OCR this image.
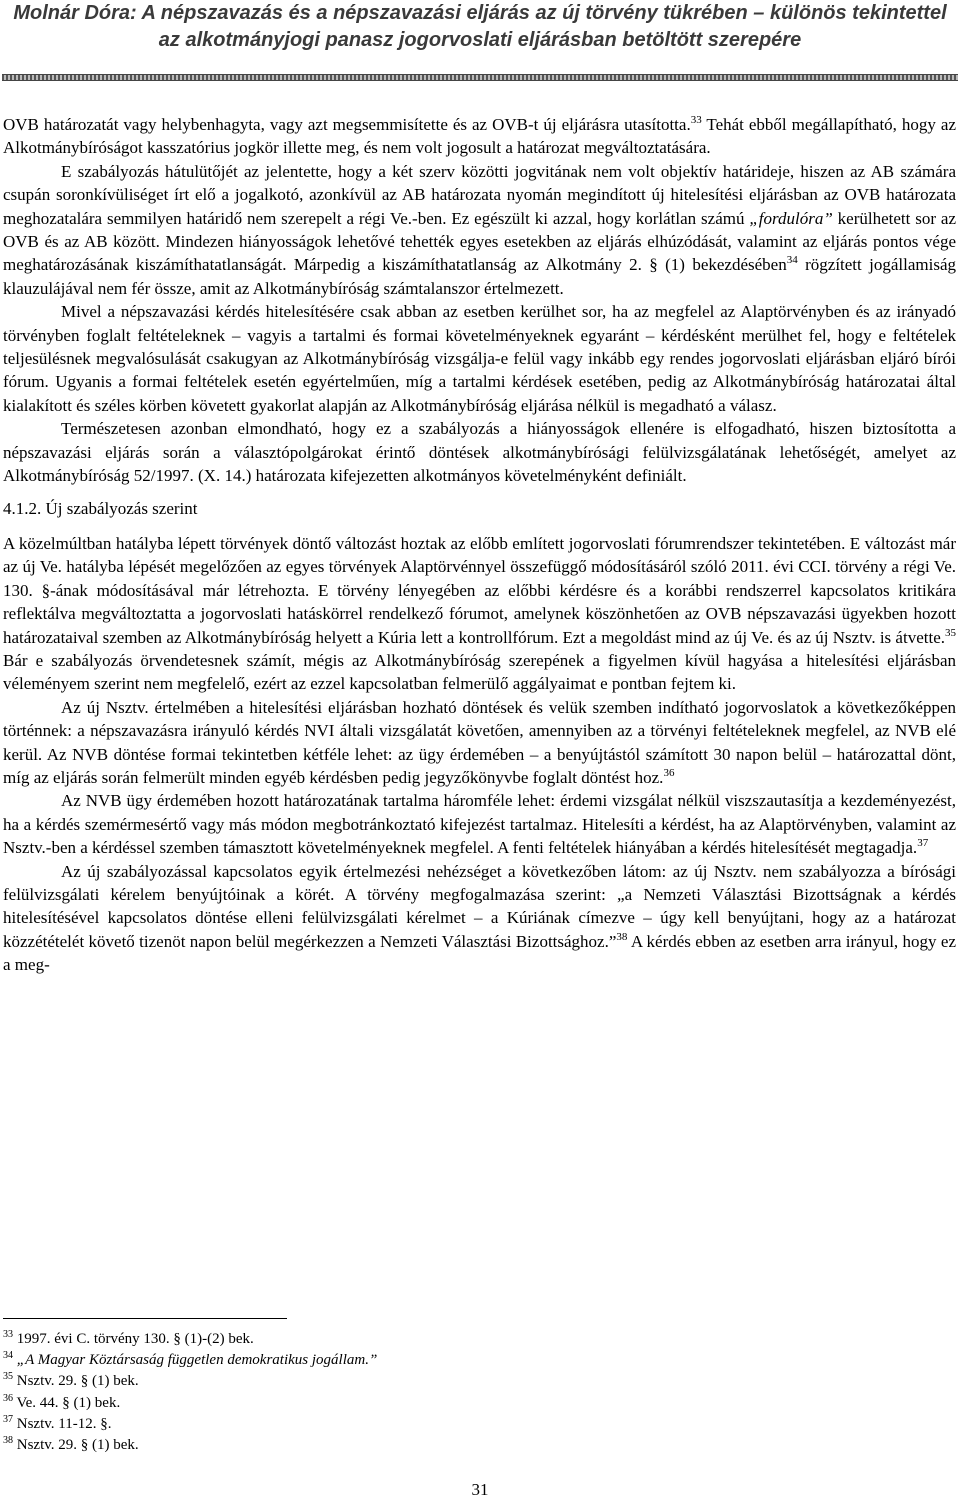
Molnár Dóra: A népszavazás és a népszavazási eljárás az új törvény tükrében – különös tekintettel
az alkotmányjogi panasz jogorvoslati eljárásban betöltött szerepére

OVB határozatát vagy helybenhagyta, vagy azt megsemmisítette és az OVB-t új eljárásra utasította.$^{33}$ Tehát ebből megállapítható, hogy az Alkotmánybíróságot kasszatórius jogkör illette meg, és nem volt jogosult a határozat megváltoztatására.

E szabályozás hátulütőjét az jelentette, hogy a két szerv közötti jogvitának nem volt objektív határideje, hiszen az AB számára csupán soronkívüliséget írt elő a jogalkotó, azonkívül az AB határozata nyomán megindított új hitelesítési eljárásban az OVB határozata meghozatalára semmilyen határidő nem szerepelt a régi Ve.-ben. Ez egészült ki azzal, hogy korlátlan számú „fordulóra” kerülhetett sor az OVB és az AB között. Mindezen hiányosságok lehetővé tehették egyes esetekben az eljárás elhúzódását, valamint az eljárás pontos vége meghatározásának kiszámíthatatlanságát. Márpedig a kiszámíthatatlanság az Alkotmány 2. § (1) bekezdésében$^{34}$ rögzített jogállamiság klauzulájával nem fér össze, amit az Alkotmánybíróság számtalanszor értelmezett.

Mivel a népszavazási kérdés hitelesítésére csak abban az esetben kerülhet sor, ha az megfelel az Alaptörvényben és az irányadó törvényben foglalt feltételeknek – vagyis a tartalmi és formai követelményeknek egyaránt – kérdésként merülhet fel, hogy e feltételek teljesülésnek megvalósulását csakugyan az Alkotmánybíróság vizsgálja-e felül vagy inkább egy rendes jogorvoslati eljárásban eljáró bírói fórum. Ugyanis a formai feltételek esetén egyértelműen, míg a tartalmi kérdések esetében, pedig az Alkotmánybíróság határozatai által kialakított és széles körben követett gyakorlat alapján az Alkotmánybíróság eljárása nélkül is megadható a válasz.

Természetesen azonban elmondható, hogy ez a szabályozás a hiányosságok ellenére is elfogadható, hiszen biztosította a népszavazási eljárás során a választópolgárokat érintő döntések alkotmánybírósági felülvizsgálatának lehetőségét, amelyet az Alkotmánybíróság 52/1997. (X. 14.) határozata kifejezetten alkotmányos követelményként definiált.

4.1.2. Új szabályozás szerint

A közelmúltban hatályba lépett törvények döntő változást hoztak az előbb említett jogorvoslati fórumrendszer tekintetében. E változást már az új Ve. hatályba lépését megelőzően az egyes törvények Alaptörvénnyel összefüggő módosításáról szóló 2011. évi CCI. törvény a régi Ve. 130. §-ának módosításával már létrehozta. E törvény lényegében az előbbi kérdésre és a korábbi rendszerrel kapcsolatos kritikára reflektálva megváltoztatta a jogorvoslati hatáskörrel rendelkező fórumot, amelynek köszönhetően az OVB népszavazási ügyekben hozott határozataival szemben az Alkotmánybíróság helyett a Kúria lett a kontrollfórum. Ezt a megoldást mind az új Ve. és az új Nsztv. is átvette.$^{35}$ Bár e szabályozás örvendetesnek számít, mégis az Alkotmánybíróság szerepének a figyelmen kívül hagyása a hitelesítési eljárásban véleményem szerint nem megfelelő, ezért az ezzel kapcsolatban felmerülő aggályaimat e pontban fejtem ki.

Az új Nsztv. értelmében a hitelesítési eljárásban hozható döntések és velük szemben indítható jogorvoslatok a következőképpen történnek: a népszavazásra irányuló kérdés NVI általi vizsgálatát követően, amennyiben az a törvényi feltételeknek megfelel, az NVB elé kerül. Az NVB döntése formai tekintetben kétféle lehet: az ügy érdemében – a benyújtástól számított 30 napon belül – határozattal dönt, míg az eljárás során felmerült minden egyéb kérdésben pedig jegyzőkönyvbe foglalt döntést hoz.$^{36}$

Az NVB ügy érdemében hozott határozatának tartalma háromféle lehet: érdemi vizsgálat nélkül viszszautasítja a kezdeményezést, ha a kérdés szemérmesértő vagy más módon megbotránkoztató kifejezést tartalmaz. Hitelesíti a kérdést, ha az Alaptörvényben, valamint az Nsztv.-ben a kérdéssel szemben támasztott követelményeknek megfelel. A fenti feltételek hiányában a kérdés hitelesítését megtagadja.$^{37}$

Az új szabályozással kapcsolatos egyik értelmezési nehézséget a következőben látom: az új Nsztv. nem szabályozza a bírósági felülvizsgálati kérelem benyújtóinak a körét. A törvény megfogalmazása szerint: „a Nemzeti Választási Bizottságnak a kérdés hitelesítésével kapcsolatos döntése elleni felülvizsgálati kérelmet – a Kúriának címezve – úgy kell benyújtani, hogy az a határozat közzétételét követő tizenöt napon belül megérkezzen a Nemzeti Választási Bizottsághoz.”$^{38}$ A kérdés ebben az esetben arra irányul, hogy ez a meg-

$^{33}$ 1997. évi C. törvény 130. § (1)-(2) bek.
$^{34}$ „A Magyar Köztársaság független demokratikus jogállam.”
$^{35}$ Nsztv. 29. § (1) bek.
$^{36}$ Ve. 44. § (1) bek.
$^{37}$ Nsztv. 11-12. §.
$^{38}$ Nsztv. 29. § (1) bek.
31
